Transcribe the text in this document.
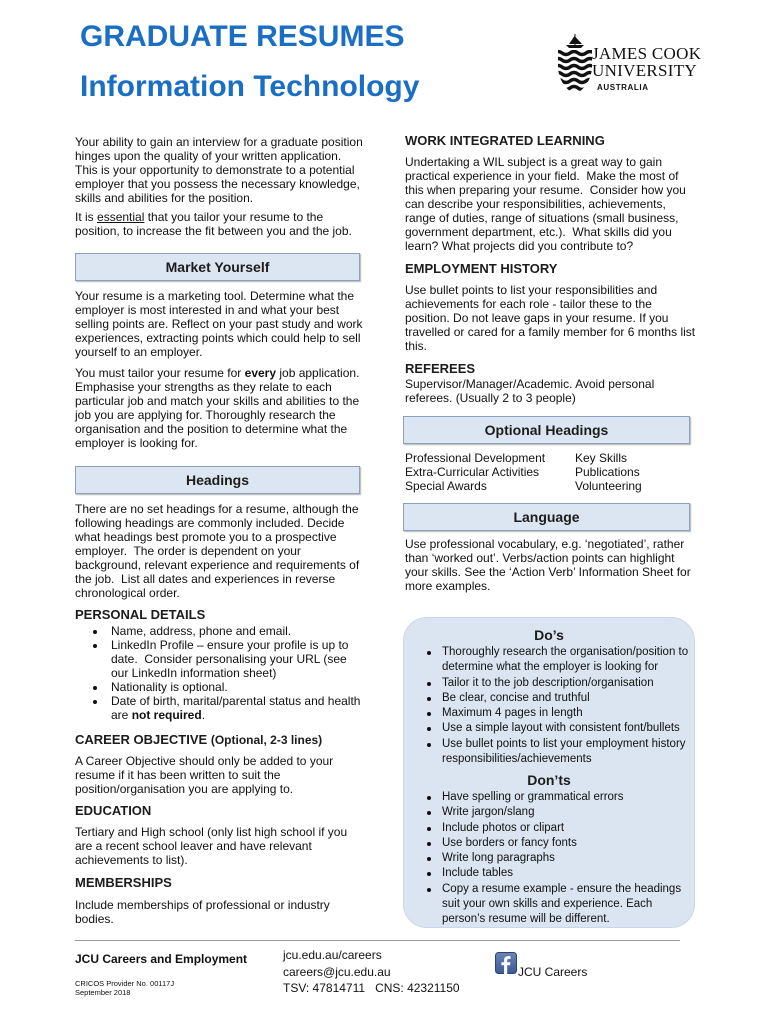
GRADUATE RESUMES
Information Technology
JAMES COOK
UNIVERSITY
AUSTRALIA
Your ability to gain an interview for a graduate position
hinges upon the quality of your written application.
This is your opportunity to demonstrate to a potential
employer that you possess the necessary knowledge,
skills and abilities for the position.
It is essential that you tailor your resume to the
position, to increase the fit between you and the job.
Market Yourself
Your resume is a marketing tool. Determine what the
employer is most interested in and what your best
selling points are. Reflect on your past study and work
experiences, extracting points which could help to sell
yourself to an employer.
You must tailor your resume for every job application.
Emphasise your strengths as they relate to each
particular job and match your skills and abilities to the
job you are applying for. Thoroughly research the
organisation and the position to determine what the
employer is looking for.
Headings
There are no set headings for a resume, although the
following headings are commonly included. Decide
what headings best promote you to a prospective
employer.  The order is dependent on your
background, relevant experience and requirements of
the job.  List all dates and experiences in reverse
chronological order.
PERSONAL DETAILS
Name, address, phone and email.
LinkedIn Profile – ensure your profile is up to
date.  Consider personalising your URL (see
our LinkedIn information sheet)
Nationality is optional.
Date of birth, marital/parental status and health
are not required.
CAREER OBJECTIVE (Optional, 2-3 lines)
A Career Objective should only be added to your
resume if it has been written to suit the
position/organisation you are applying to.
EDUCATION
Tertiary and High school (only list high school if you
are a recent school leaver and have relevant
achievements to list).
MEMBERSHIPS
Include memberships of professional or industry
bodies.
WORK INTEGRATED LEARNING
Undertaking a WIL subject is a great way to gain
practical experience in your field.  Make the most of
this when preparing your resume.  Consider how you
can describe your responsibilities, achievements,
range of duties, range of situations (small business,
government department, etc.).  What skills did you
learn? What projects did you contribute to?
EMPLOYMENT HISTORY
Use bullet points to list your responsibilities and
achievements for each role - tailor these to the
position. Do not leave gaps in your resume. If you
travelled or cared for a family member for 6 months list
this.
REFEREES
Supervisor/Manager/Academic. Avoid personal
referees. (Usually 2 to 3 people)
Optional Headings
Professional Development
Extra-Curricular Activities
Special Awards
Key Skills
Publications
Volunteering
Language
Use professional vocabulary, e.g. ‘negotiated’, rather
than ‘worked out’. Verbs/action points can highlight
your skills. See the ‘Action Verb’ Information Sheet for
more examples.
Do’s
Thoroughly research the organisation/position to
determine what the employer is looking for
Tailor it to the job description/organisation
Be clear, concise and truthful
Maximum 4 pages in length
Use a simple layout with consistent font/bullets
Use bullet points to list your employment history
responsibilities/achievements
Don’ts
Have spelling or grammatical errors
Write jargon/slang
Include photos or clipart
Use borders or fancy fonts
Write long paragraphs
Include tables
Copy a resume example - ensure the headings
suit your own skills and experience. Each
person’s resume will be different.
JCU Careers and Employment
CRICOS Provider No. 00117J
September 2018
jcu.edu.au/careers
careers@jcu.edu.au
TSV: 47814711   CNS: 42321150
JCU Careers
